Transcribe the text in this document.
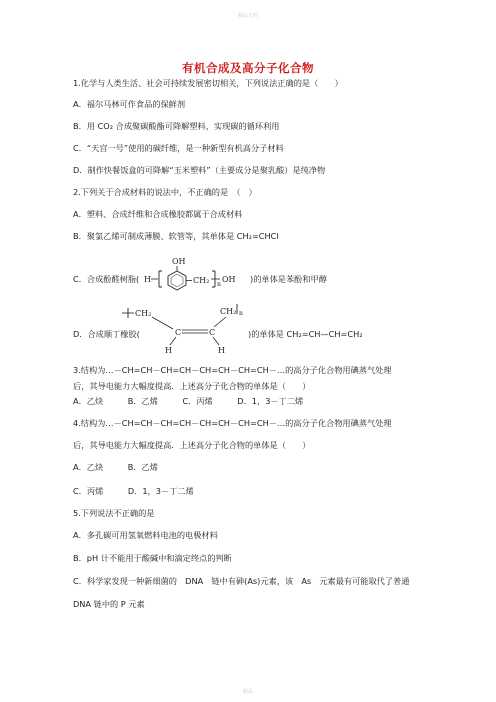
精品文档
有机合成及高分子化合物
1.化学与人类生活、社会可持续发展密切相关，下列说法正确的是（　　）
A．福尔马林可作食品的保鲜剂
B．用 CO₂ 合成聚碳酸酯可降解塑料，实现碳的循环利用
C．“天宫一号”使用的碳纤维，是一种新型有机高分子材料
D．制作快餐饭盒的可降解“玉米塑料”（主要成分是聚乳酸）是纯净物
2.下列关于合成材料的说法中，不正确的是　（　）
A．塑料、合成纤维和合成橡胶都属于合成材料
B．聚氯乙烯可制成薄膜、软管等，其单体是 CH₂=CHCl
C．合成酚醛树脂(
OH
H	CH₂ n
OH )的单体是苯酚和甲醇
D．合成顺丁橡胶(
CH₂
C	C
CH₂ n
H	H
)的单体是 CH₂=CH—CH=CH₂
3.结构为…－CH=CH－CH=CH－CH=CH－CH=CH－…的高分子化合物用碘蒸气处理
后，其导电能力大幅度提高．上述高分子化合物的单体是（　　）
A．乙炔　　　B．乙烯　　　C．丙烯　　　D．1，3－丁二烯
4.结构为…－CH=CH－CH=CH－CH=CH－CH=CH－…的高分子化合物用碘蒸气处理
后，其导电能力大幅度提高．上述高分子化合物的单体是（　　）
A．乙炔　　　B．乙烯
C．丙烯　　　D．1，3－丁二烯
5.下列说法不正确的是
A．多孔碳可用氢氧燃料电池的电极材料
B．pH 计不能用于酸碱中和滴定终点的判断
C．科学家发现一种新细菌的　DNA　链中有砷(As)元素，该　As　元素最有可能取代了普通
DNA 链中的 P 元素
精品
